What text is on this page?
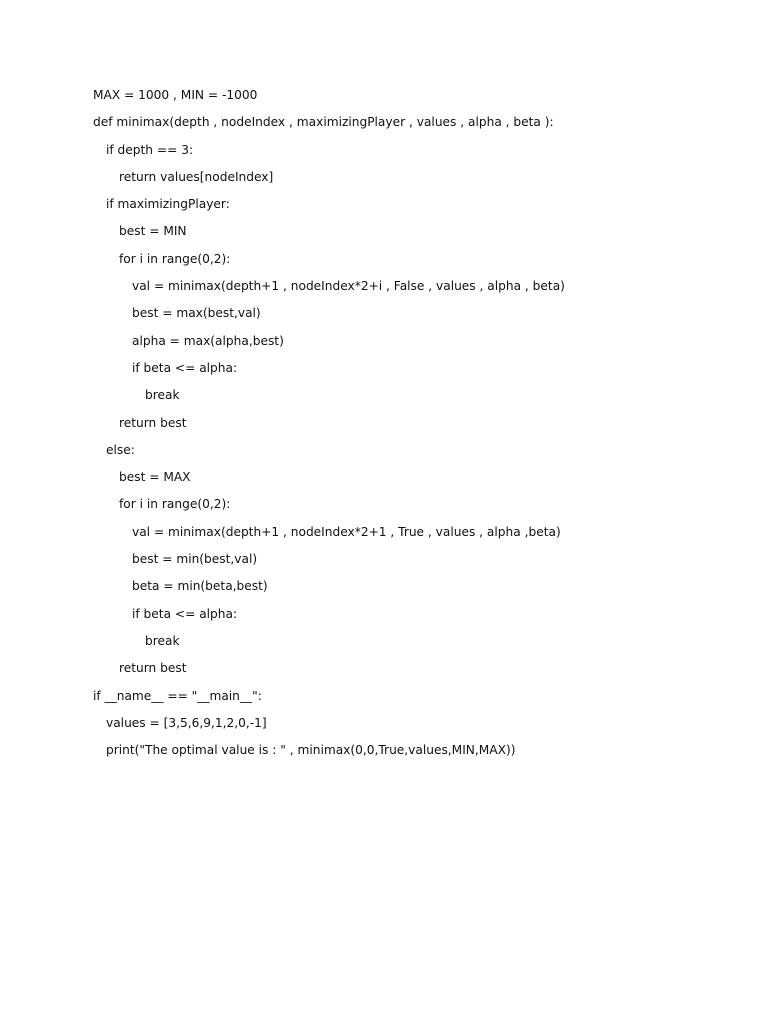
MAX = 1000 , MIN = -1000
def minimax(depth , nodeIndex , maximizingPlayer , values , alpha , beta ):
if depth == 3:
return values[nodeIndex]
if maximizingPlayer:
best = MIN
for i in range(0,2):
val = minimax(depth+1 , nodeIndex*2+i , False , values , alpha , beta)
best = max(best,val)
alpha = max(alpha,best)
if beta <= alpha:
break
return best
else:
best = MAX
for i in range(0,2):
val = minimax(depth+1 , nodeIndex*2+1 , True , values , alpha ,beta)
best = min(best,val)
beta = min(beta,best)
if beta <= alpha:
break
return best
if __name__ == "__main__":
values = [3,5,6,9,1,2,0,-1]
print("The optimal value is : " , minimax(0,0,True,values,MIN,MAX))
